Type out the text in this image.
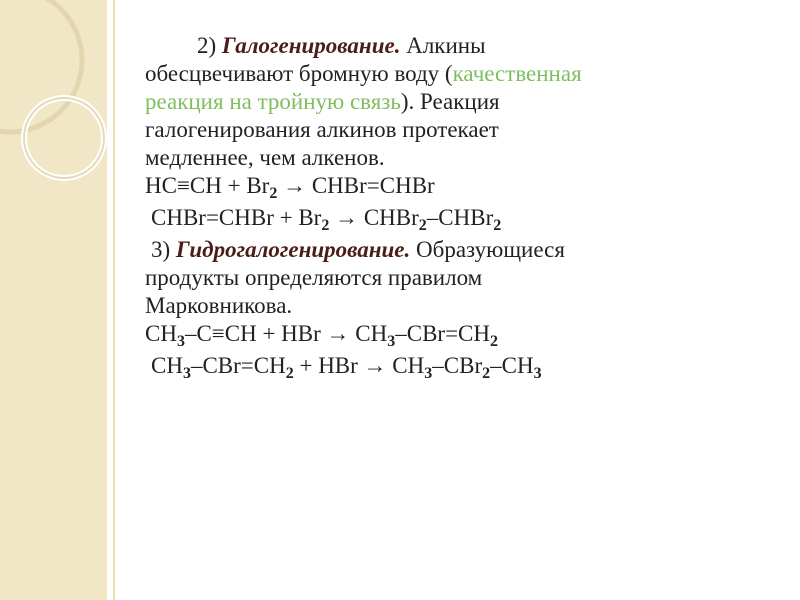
2) Галогенирование. Алкины

обесцвечивают бромную воду (качественная

реакция на тройную связь). Реакция

галогенирования алкинов протекает

медленнее, чем алкенов.

$HC\equiv CH + Br_2$ → CHBr=CHBr

CHBr=CHBr + $Br_2$ → CHBr$_2$–CHBr$_2$

3) Гидрогалогенирование. Образующиеся

продукты определяются правилом

Марковникова.

$CH_3-C\equiv CH$ + HBr → $CH_3-CBr=CH_2$

$CH_3-CBr=CH_2$ + HBr → $CH_3-CBr_2-CH_3$
